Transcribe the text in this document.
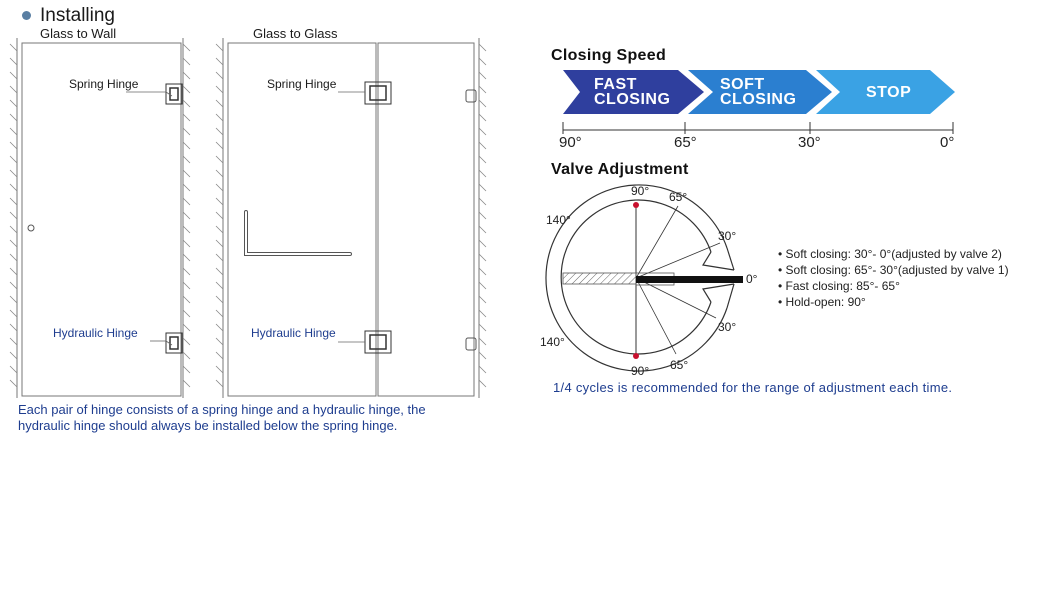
Installing
Glass to Wall	Glass to Glass
Spring Hinge
Hydraulic Hinge
Spring Hinge
Hydraulic Hinge
Each pair of hinge consists of a spring hinge and a hydraulic hinge, the
hydraulic hinge should always be installed below the spring hinge.
Closing Speed
FAST
CLOSING
SOFT
CLOSING	STOP
90°	65°	30°	0°
Valve Adjustment
90° 65°
140°
30°
0°
30°
140°
90° 65°
• Soft closing: 30°- 0°(adjusted by valve 2)
• Soft closing: 65°- 30°(adjusted by valve 1)
• Fast closing: 85°- 65°
• Hold-open: 90°
1/4 cycles is recommended for the range of adjustment each time.
